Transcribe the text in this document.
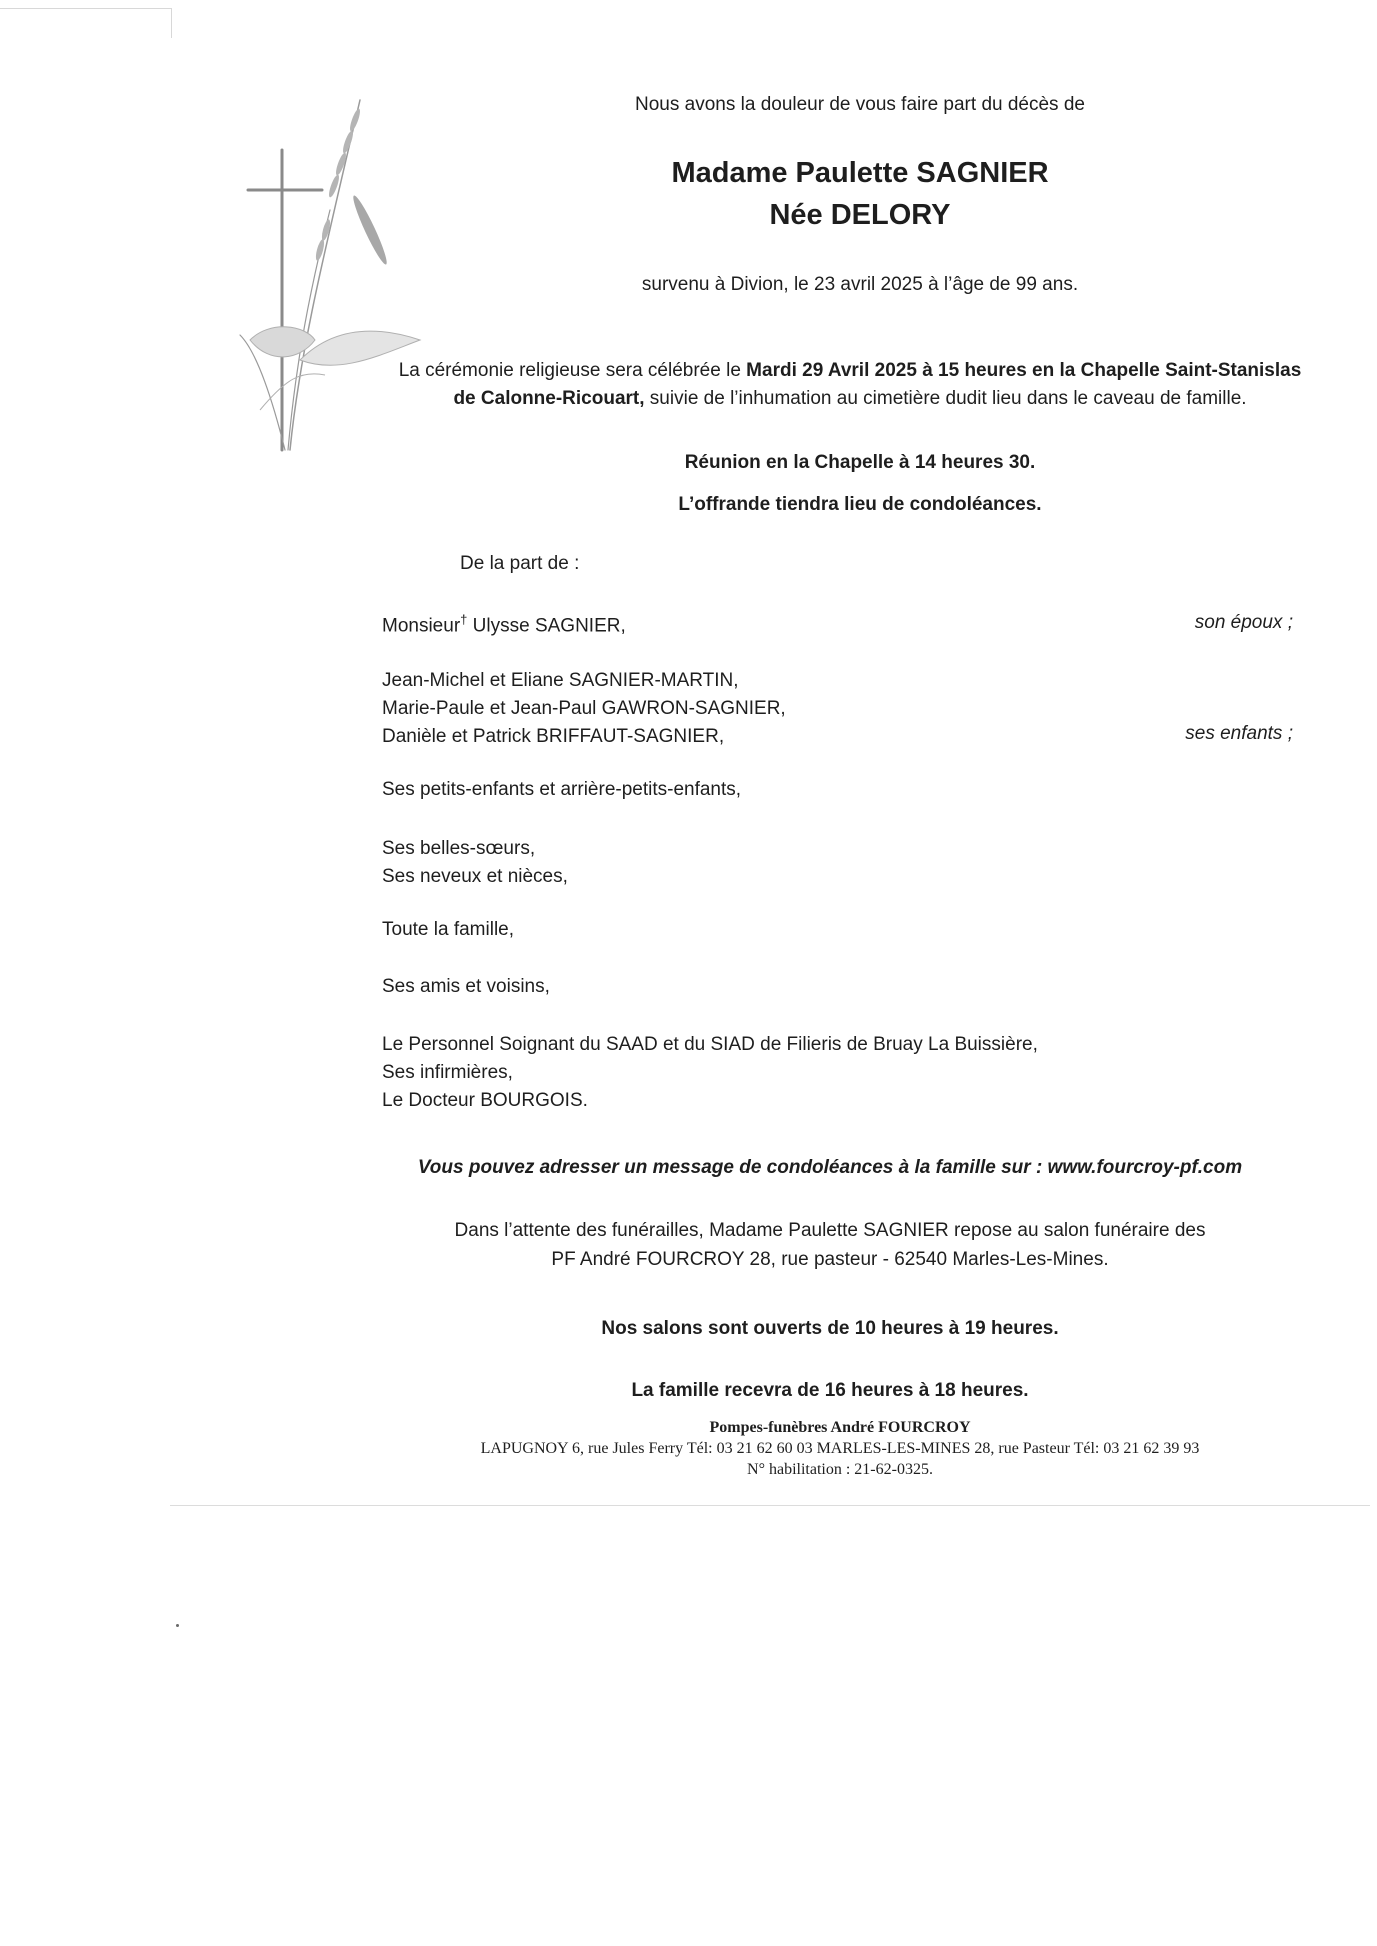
Nous avons la douleur de vous faire part du décès de
Madame Paulette SAGNIER
Née DELORY
survenu à Divion, le 23 avril 2025 à l’âge de 99 ans.
La cérémonie religieuse sera célébrée le Mardi 29 Avril 2025 à 15 heures en la Chapelle Saint-Stanislas
de Calonne-Ricouart, suivie de l’inhumation au cimetière dudit lieu dans le caveau de famille.
Réunion en la Chapelle à 14 heures 30.
L’offrande tiendra lieu de condoléances.
De la part de :
Monsieur† Ulysse SAGNIER,	son époux ;
Jean-Michel et Eliane SAGNIER-MARTIN,
Marie-Paule et Jean-Paul GAWRON-SAGNIER,
Danièle et Patrick BRIFFAUT-SAGNIER,	ses enfants ;
Ses petits-enfants et arrière-petits-enfants,
Ses belles-sœurs,
Ses neveux et nièces,
Toute la famille,
Ses amis et voisins,
Le Personnel Soignant du SAAD et du SIAD de Filieris de Bruay La Buissière,
Ses infirmières,
Le Docteur BOURGOIS.
Vous pouvez adresser un message de condoléances à la famille sur : www.fourcroy-pf.com
Dans l’attente des funérailles, Madame Paulette SAGNIER repose au salon funéraire des
PF André FOURCROY 28, rue pasteur - 62540 Marles-Les-Mines.
Nos salons sont ouverts de 10 heures à 19 heures.
La famille recevra de 16 heures à 18 heures.
Pompes-funèbres André FOURCROY
LAPUGNOY 6, rue Jules Ferry Tél: 03 21 62 60 03 MARLES-LES-MINES 28, rue Pasteur Tél: 03 21 62 39 93
N° habilitation : 21-62-0325.
